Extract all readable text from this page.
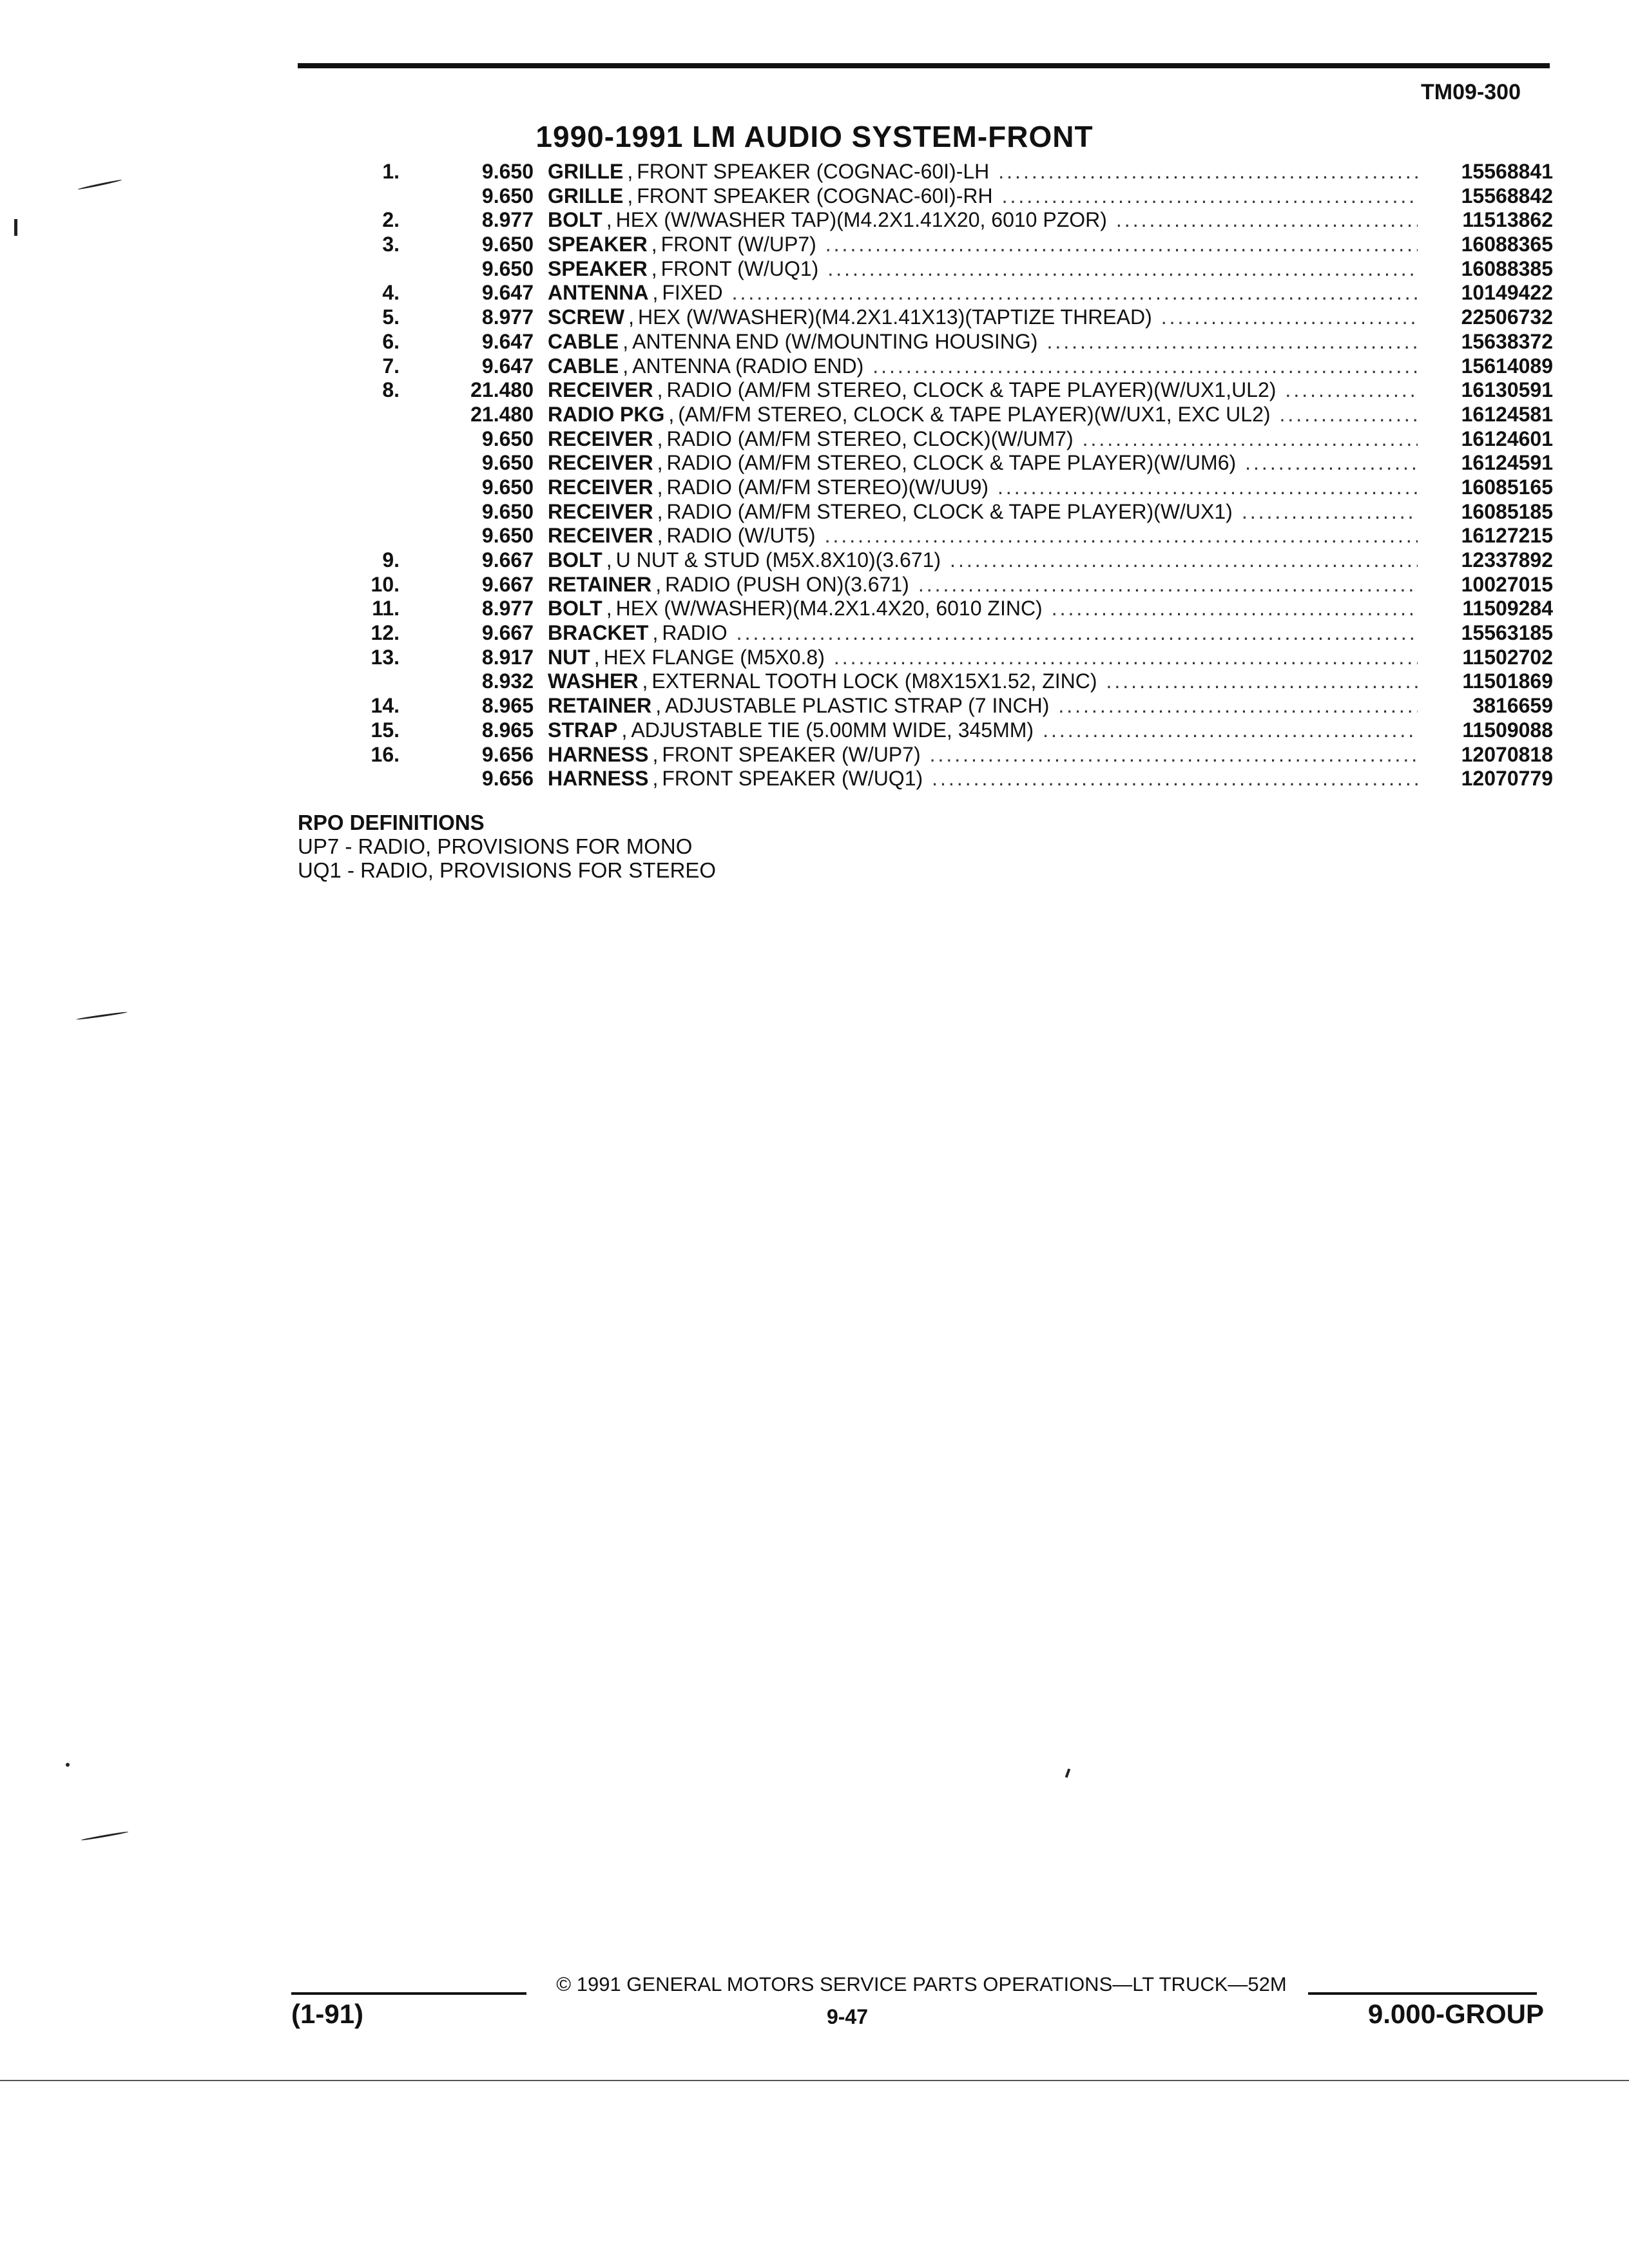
TM09-300
1990-1991 LM AUDIO SYSTEM-FRONT
1.	9.650 GRILLE , FRONT SPEAKER (COGNAC-60I)-LH .....	15568841
9.650 GRILLE , FRONT SPEAKER (COGNAC-60I)-RH .....	15568842
2.	8.977 BOLT , HEX (W/WASHER TAP)(M4.2X1.41X20, 6010 PZOR) .....	11513862
3.	9.650 SPEAKER , FRONT (W/UP7) .....	16088365
9.650 SPEAKER , FRONT (W/UQ1) .....	16088385
4.	9.647 ANTENNA , FIXED .....	10149422
5.	8.977 SCREW , HEX (W/WASHER)(M4.2X1.41X13)(TAPTIZE THREAD) .....	22506732
6.	9.647 CABLE , ANTENNA END (W/MOUNTING HOUSING) .....	15638372
7.	9.647 CABLE , ANTENNA (RADIO END) .....	15614089
8.	21.480 RECEIVER , RADIO (AM/FM STEREO, CLOCK & TAPE PLAYER)(W/UX1,UL2) .....	16130591
21.480 RADIO PKG , (AM/FM STEREO, CLOCK & TAPE PLAYER)(W/UX1, EXC UL2) .....	16124581
9.650 RECEIVER , RADIO (AM/FM STEREO, CLOCK)(W/UM7) .....	16124601
9.650 RECEIVER , RADIO (AM/FM STEREO, CLOCK & TAPE PLAYER)(W/UM6) .....	16124591
9.650 RECEIVER , RADIO (AM/FM STEREO)(W/UU9) .....	16085165
9.650 RECEIVER , RADIO (AM/FM STEREO, CLOCK & TAPE PLAYER)(W/UX1) .....	16085185
9.650 RECEIVER , RADIO (W/UT5) .....	16127215
9.	9.667 BOLT , U NUT & STUD (M5X.8X10)(3.671) .....	12337892
10.	9.667 RETAINER , RADIO (PUSH ON)(3.671) .....	10027015
11.	8.977 BOLT , HEX (W/WASHER)(M4.2X1.4X20, 6010 ZINC) .....	11509284
12.	9.667 BRACKET , RADIO .....	15563185
13.	8.917 NUT , HEX FLANGE (M5X0.8) .....	11502702
8.932 WASHER , EXTERNAL TOOTH LOCK (M8X15X1.52, ZINC) .....	11501869
14.	8.965 RETAINER , ADJUSTABLE PLASTIC STRAP (7 INCH) .....	3816659
15.	8.965 STRAP , ADJUSTABLE TIE (5.00MM WIDE, 345MM) .....	11509088
16.	9.656 HARNESS , FRONT SPEAKER (W/UP7) .....	12070818
9.656 HARNESS , FRONT SPEAKER (W/UQ1) .....	12070779
RPO DEFINITIONS
UP7 - RADIO, PROVISIONS FOR MONO
UQ1 - RADIO, PROVISIONS FOR STEREO
© 1991 GENERAL MOTORS SERVICE PARTS OPERATIONS—LT TRUCK—52M
(1-91)	9-47	9.000-GROUP
